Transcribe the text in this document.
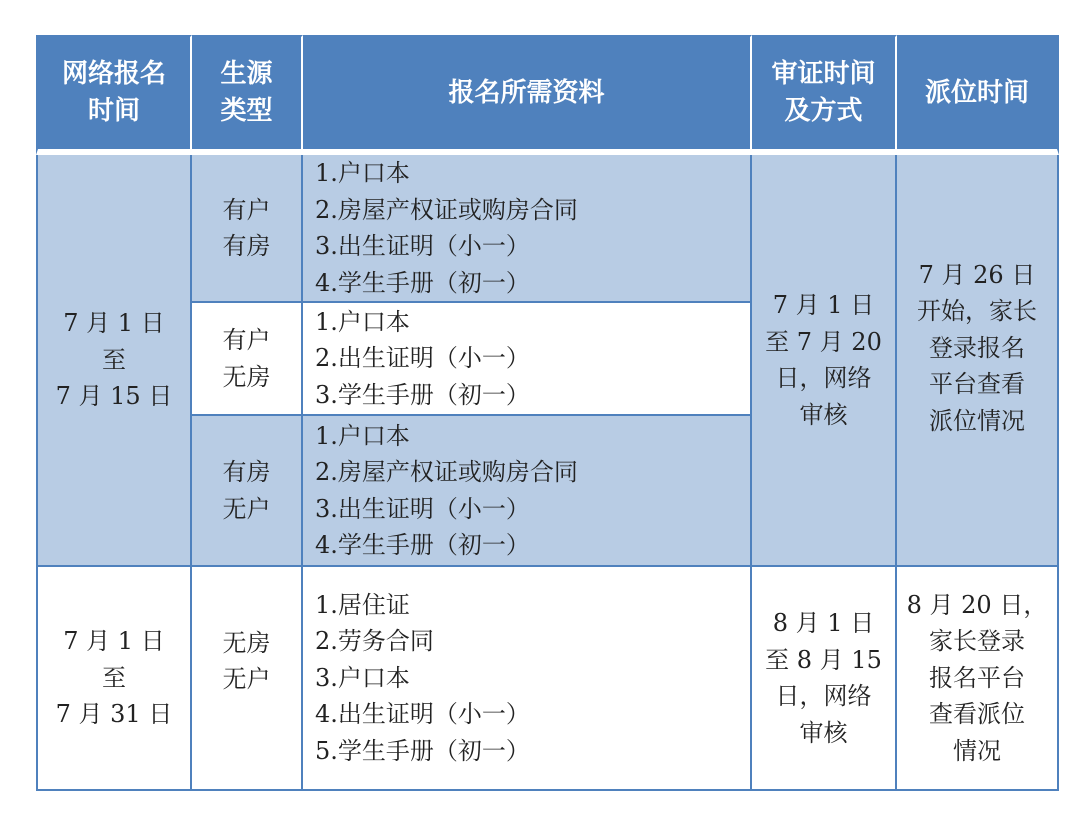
网络报名
时间
生源
类型
报名所需资料
审证时间
及方式
派位时间
7 月 1 日
至
7 月 15 日
有户
有房
1.户口本
2.房屋产权证或购房合同
3.出生证明（小一）
4.学生手册（初一）
有户
无房
1.户口本
2.出生证明（小一）
3.学生手册（初一）
有房
无户
1.户口本
2.房屋产权证或购房合同
3.出生证明（小一）
4.学生手册（初一）
7 月 1 日
至 7 月 20
日，网络
审核
7 月 26 日
开始，家长
登录报名
平台查看
派位情况
7 月 1 日
至
7 月 31 日
无房
无户
1.居住证
2.劳务合同
3.户口本
4.出生证明（小一）
5.学生手册（初一）
8 月 1 日
至 8 月 15
日，网络
审核
8 月 20 日，
家长登录
报名平台
查看派位
情况
